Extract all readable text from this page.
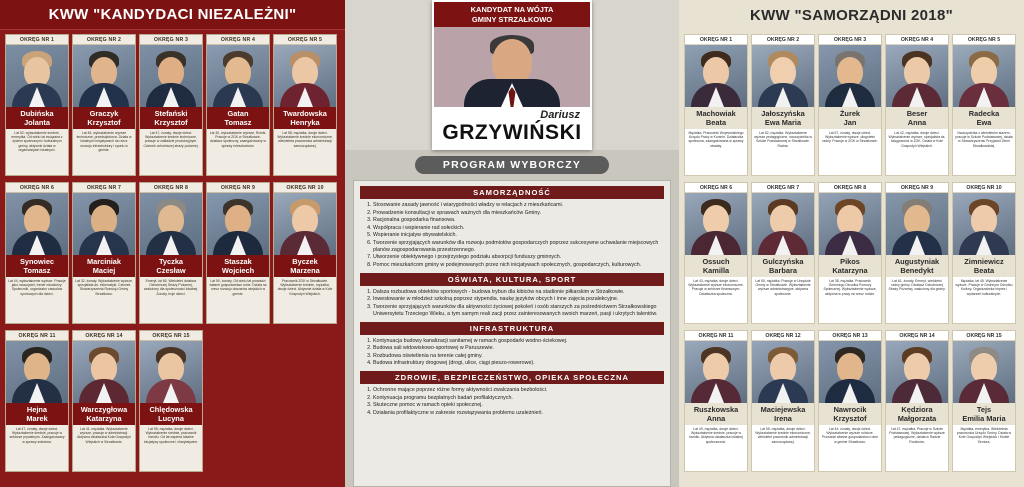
KWW "KANDYDACI NIEZALEŻNI"
OKRĘG NR 1
Dubińska
Jolanta
Lat 52, wykształcenie średnie, emerytka. Od wielu lat związana z życiem społecznym i kulturalnym gminy, aktywnie działa w organizacjach lokalnych.
OKRĘG NR 2
Graczyk
Krzysztof
Lat 45, wykształcenie wyższe techniczne, przedsiębiorca. Działa w lokalnych inicjatywach na rzecz rozwoju infrastruktury i sportu w gminie.
OKRĘG NR 3
Stefański
Krzysztof
Lat 47, żonaty, dwoje dzieci. Wykształcenie średnie techniczne, pracuje w zakładzie produkcyjnym. Członek ochotniczej straży pożarnej.
OKRĘG NR 4
Gatan
Tomasz
Lat 40, wykształcenie wyższe, Rolnik. Pracuje w ZGK w Strzałkowie, działacz społeczny, zaangażowany w sprawy mieszkańców.
OKRĘG NR 5
Twardowska
Henryka
Lat 58, mężatka, dwoje dzieci. Wykształcenie średnie ekonomiczne, wieloletnia pracownica administracji samorządowej.
OKRĘG NR 6
Synowiec
Tomasz
Lat 44, wykształcenie wyższe. Pracuje jako nauczyciel, trener młodzieży. Społecznik, organizator zawodów sportowych dla dzieci.
OKRĘG NR 7
Marciniak
Maciej
Lat 32, żonaty. Wykształcenie wyższe, specjalista ds. informatyki. Członek Stowarzyszenia Rozwoju Gminy Strzałkowo.
OKRĘG NR 8
Tyczka
Czesław
Emeryt, lat 65. Wieloletni działacz Ochotniczej Straży Pożarnej, zasłużony dla społeczności lokalnej. Żonaty, troje dzieci.
OKRĘG NR 9
Staszak
Wojciech
Lat 50, żonaty. Od wielu lat prowadzi własne gospodarstwo rolne. Działa na rzecz rozwoju obszarów wiejskich w gminie.
OKRĘG NR 10
Byczek
Marzena
Pracownik ZGK w Strzałkowie. Wykształcenie średnie, mężatka, dwoje dzieci. Aktywnie działa w Kole Gospodyń Wiejskich.
OKRĘG NR 11
Hejna
Marek
Lat 47, żonaty, dwoje dzieci. Wykształcenie średnie, pracuje w sektorze prywatnym. Zaangażowany w sprawy sołectwa.
OKRĘG NR 14
Warczygłowa
Katarzyna
Lat 41, mężatka. Wykształcenie wyższe, pracuje w administracji. Aktywna działaczka Koła Gospodyń Wiejskich w Strzałkowie.
OKRĘG NR 15
Chlędowska
Lucyna
Lat 55, mężatka, dwoje dzieci. Wykształcenie średnie, pracownik handlu. Od lat wspiera lokalne inicjatywy społeczne i charytatywne.
KANDYDAT NA WÓJTA
GMINY STRZAŁKOWO
Dariusz
GRZYWIŃSKI
PROGRAM WYBORCZY
SAMORZĄDNOŚĆ
1. Stosowanie zasady jawność i wiarygodności władzy w relacjach z mieszkańcami.
2. Prowadzenie konsultacji w sprawach ważnych dla mieszkańców Gminy.
3. Racjonalna gospodarka finansowa.
4. Współpraca i wspieranie rad sołeckich.
5. Wspieranie inicjatyw obywatelskich.
6. Tworzenie sprzyjających warunków dla rozwoju podmiotów gospodarczych poprzez sukcesywne uchwalanie miejscowych planów zagospodarowania przestrzennego.
7. Utworzenie obiektywnego i przejrzystego podziału absorpcji funduszy gminnych.
8. Pomoc mieszkańcom gminy w podejmowanych przez nich inicjatywach społecznych, gospodarczych, kulturowych.
OŚWIATA, KULTURA, SPORT
1. Dalsza rozbudowa obiektów sportowych - budowa trybun dla kibiców na stadionie piłkarskim w Strzałkowie.
2. Inwestowanie w młodzież szkolną poprzez stypendia, naukę języków obcych i inne zajęcia pozalekcyjne.
3. Tworzenie sprzyjających warunków dla aktywności życiowej pokoleń i osób starszych za pośrednictwem Strzałkowskiego Uniwersytetu Trzeciego Wieku, a tym samym reali zacji przez zainteresowanych swoich marzeń, pasji i ukrytych talentów.
INFRASTRUKTURA
1. Kontynuacja budowy kanalizacji sanitarnej w ramach gospodarki wodno-ściekowej.
2. Budowa sali widowiskowo-sportowej w Paruszewie.
3. Rozbudowa oświetlenia na terenie całej gminy.
4. Budowa infrastruktury drogowej (drogi, ulice, ciągi pieszo-rowerowe).
ZDROWIE, BEZPIECZEŃSTWO, OPIEKA SPOŁECZNA
1. Ochronne mające poprzez różne formy aktywności zwalczania bezbolości.
2. Kontynuacja programu bezpłatnych badań profilaktycznych.
3. Skuteczne pomoc w ramach opieki społecznej.
4. Działania profilaktyczne w zakresie rozwiązywania problemu uzależnień.
KWW "SAMORZĄDNI 2018"
OKRĘG NR 1
Machowiak
Beata
Mężatka. Pracownik Wojewódzkiego Urzędu Pracy w Koninie. Działaczka społeczna, zaangażowana w sprawy oświaty.
OKRĘG NR 2
Jałoszyńska
Ewa Maria
Lat 52, mężatka. Wykształcenie wyższe pedagogiczne, nauczycielka w Szkole Podstawowej w Strzałkowie. Radna.
OKRĘG NR 3
Żurek
Jan
Lat 57, żonaty, dwoje dzieci. Wykształcenie wyższe, długoletni radny. Pracuje w ZGK w Strzałkowie.
OKRĘG NR 4
Beser
Anna
Lat 42, mężatka, dwoje dzieci. Wykształcenie wyższe, specjalista ds. księgowości w ZGK. Działa w Kole Gospodyń Wiejskich.
OKRĘG NR 5
Radecka
Ewa
Nauczycielka z wieloletnim stażem, pracuje w Szkole Podstawowej, działa w Stowarzyszeniu Przyjaciół Ziemi Strzałkowskiej.
OKRĘG NR 6
Ossuch
Kamilla
Lat 43, mężatka, dwoje dzieci. Wykształcenie wyższe ekonomiczne. Pracuje w sektorze finansowym. Działaczka społeczna.
OKRĘG NR 7
Gulczyńska
Barbara
Lat 50, mężatka. Pracuje w Urzędzie Gminy w Strzałkowie. Wykształcenie wyższe administracyjne, aktywna społecznie.
OKRĘG NR 8
Pikos
Katarzyna
Lat 38, mężatka. Pracownik Gminnego Ośrodka Pomocy Społecznej. Wykształcenie wyższe, aktywna w pracy na rzecz rodzin.
OKRĘG NR 9
Augustyniak
Benedykt
Lat 61, żonaty. Emeryt, wieloletni radny gminy. Działacz Ochotniczej Straży Pożarnej, zasłużony dla gminy.
OKRĘG NR 10
Zimniewicz
Beata
Mężatka, lat 45. Wykształcenie wyższe. Pracuje w Gminnym Ośrodku Kultury. Organizatorka imprez i wydarzeń kulturalnych.
OKRĘG NR 11
Ruszkowska
Anna
Lat 49, mężatka, dwoje dzieci. Wykształcenie średnie, pracuje w handlu. Aktywna działaczka lokalnej społeczności.
OKRĘG NR 12
Maciejewska
Irena
Lat 55, mężatka, dwoje dzieci. Wykształcenie średnie ekonomiczne, wieloletni pracownik administracji samorządowej.
OKRĘG NR 13
Nawrocik
Krzysztof
Lat 44, żonaty, dwoje dzieci. Wykształcenie wyższe rolnicze. Prowadzi własne gospodarstwo rolne w gminie Strzałkowo.
OKRĘG NR 14
Kędziora
Małgorzata
Lat 47, mężatka. Pracuje w Szkole Podstawowej. Wykształcenie wyższe pedagogiczne, działa w Radzie Rodziców.
OKRĘG NR 15
Tejs
Emilia Maria
Mężatka, emerytka. Wieloletnia pracownica Urzędu Gminy. Działa w Kole Gospodyń Wiejskich i Klubie Seniora.
